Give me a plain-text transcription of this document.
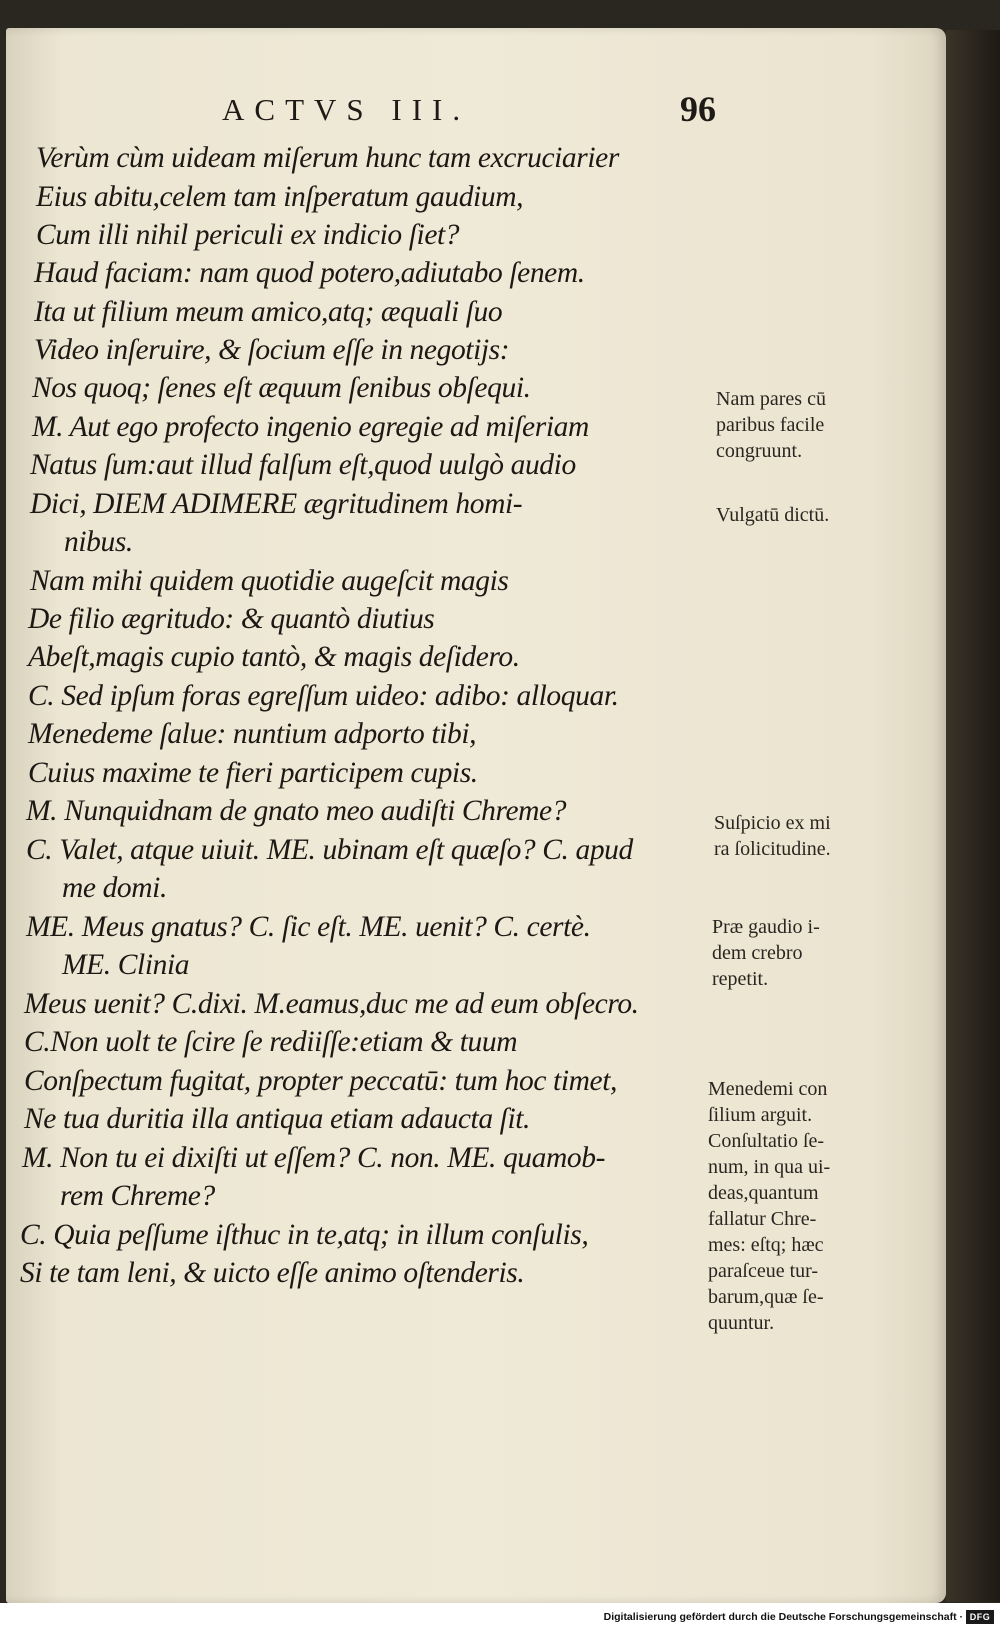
ACTVS III.	96
Verùm cùm uideam miſerum hunc tam excruciarier
Eius abitu,celem tam inſperatum gaudium,
Cum illi nihil periculi ex indicio ſiet?
Haud faciam: nam quod potero,adiutabo ſenem.
Ita ut filium meum amico,atq; æquali ſuo
Video inſeruire, & ſocium eſſe in negotijs:
Nos quoq; ſenes eſt æquum ſenibus obſequi.
M. Aut ego profecto ingenio egregie ad miſeriam
Natus ſum:aut illud falſum eſt,quod uulgò audio
Dici, DIEM ADIMERE ægritudinem homi-
nibus.
Nam mihi quidem quotidie augeſcit magis
De filio ægritudo: & quantò diutius
Abeſt,magis cupio tantò, & magis deſidero.
C. Sed ipſum foras egreſſum uideo: adibo: alloquar.
Menedeme ſalue: nuntium adporto tibi,
Cuius maxime te fieri participem cupis.
M. Nunquidnam de gnato meo audiſti Chreme?
C. Valet, atque uiuit. ME. ubinam eſt quæſo? C. apud
me domi.
ME. Meus gnatus? C. ſic eſt. ME. uenit? C. certè.
ME. Clinia
Meus uenit? C.dixi. M.eamus,duc me ad eum obſecro.
C.Non uolt te ſcire ſe rediiſſe:etiam & tuum
Conſpectum fugitat, propter peccatū: tum hoc timet,
Ne tua duritia illa antiqua etiam adaucta ſit.
M. Non tu ei dixiſti ut eſſem? C. non. ME. quamob-
rem Chreme?
C. Quia peſſume iſthuc in te,atq; in illum conſulis,
Si te tam leni, & uicto eſſe animo oſtenderis.
Nam pares cū
paribus facile
congruunt.
Vulgatū dictū.
Suſpicio ex mi
ra ſolicitudine.
Præ gaudio i-
dem crebro
repetit.
Menedemi con
ſilium arguit.
Conſultatio ſe-
num, in qua ui-
deas,quantum
fallatur Chre-
mes: eſtq; hæc
paraſceue tur-
barum,quæ ſe-
quuntur.
Digitalisierung gefördert durch die Deutsche Forschungsgemeinschaft · DFG
